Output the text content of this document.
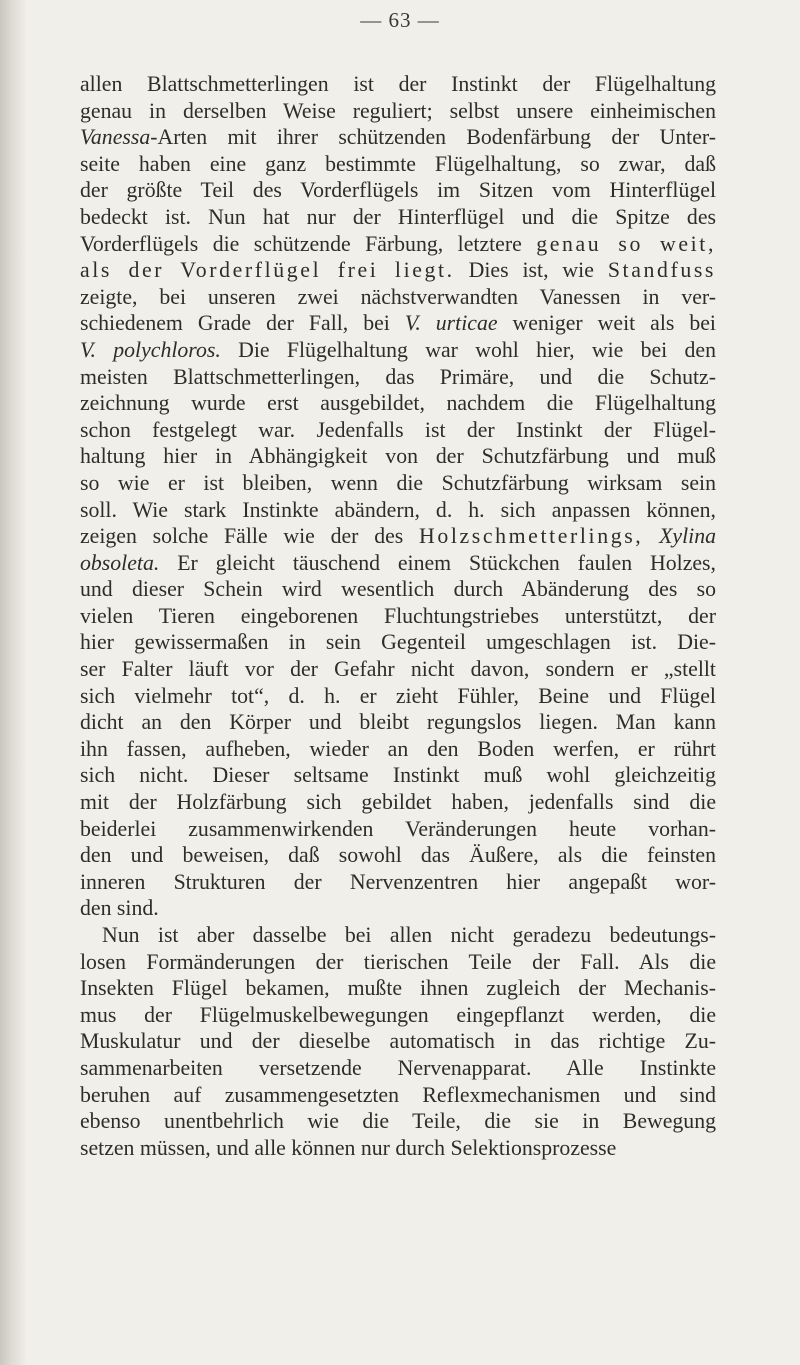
— 63 —

allen Blattschmetterlingen ist der Instinkt der Flügelhaltung
genau in derselben Weise reguliert; selbst unsere einheimischen
Vanessa-Arten mit ihrer schützenden Bodenfärbung der Unter-
seite haben eine ganz bestimmte Flügelhaltung, so zwar, daß
der größte Teil des Vorderflügels im Sitzen vom Hinterflügel
bedeckt ist. Nun hat nur der Hinterflügel und die Spitze des
Vorderflügels die schützende Färbung, letztere genau so weit,
als der Vorderflügel frei liegt. Dies ist, wie Standfuss
zeigte, bei unseren zwei nächstverwandten Vanessen in ver-
schiedenem Grade der Fall, bei V. urticae weniger weit als bei
V. polychloros. Die Flügelhaltung war wohl hier, wie bei den
meisten Blattschmetterlingen, das Primäre, und die Schutz-
zeichnung wurde erst ausgebildet, nachdem die Flügelhaltung
schon festgelegt war. Jedenfalls ist der Instinkt der Flügel-
haltung hier in Abhängigkeit von der Schutzfärbung und muß
so wie er ist bleiben, wenn die Schutzfärbung wirksam sein
soll. Wie stark Instinkte abändern, d. h. sich anpassen können,
zeigen solche Fälle wie der des Holzschmetterlings, Xylina
obsoleta. Er gleicht täuschend einem Stückchen faulen Holzes,
und dieser Schein wird wesentlich durch Abänderung des so
vielen Tieren eingeborenen Fluchtungstriebes unterstützt, der
hier gewissermaßen in sein Gegenteil umgeschlagen ist. Die-
ser Falter läuft vor der Gefahr nicht davon, sondern er „stellt
sich vielmehr tot“, d. h. er zieht Fühler, Beine und Flügel
dicht an den Körper und bleibt regungslos liegen. Man kann
ihn fassen, aufheben, wieder an den Boden werfen, er rührt
sich nicht. Dieser seltsame Instinkt muß wohl gleichzeitig
mit der Holzfärbung sich gebildet haben, jedenfalls sind die
beiderlei zusammenwirkenden Veränderungen heute vorhan-
den und beweisen, daß sowohl das Äußere, als die feinsten
inneren Strukturen der Nervenzentren hier angepaßt wor-
den sind.

Nun ist aber dasselbe bei allen nicht geradezu bedeutungs-
losen Formänderungen der tierischen Teile der Fall. Als die
Insekten Flügel bekamen, mußte ihnen zugleich der Mechanis-
mus der Flügelmuskelbewegungen eingepflanzt werden, die
Muskulatur und der dieselbe automatisch in das richtige Zu-
sammenarbeiten versetzende Nervenapparat. Alle Instinkte
beruhen auf zusammengesetzten Reflexmechanismen und sind
ebenso unentbehrlich wie die Teile, die sie in Bewegung
setzen müssen, und alle können nur durch Selektionsprozesse
